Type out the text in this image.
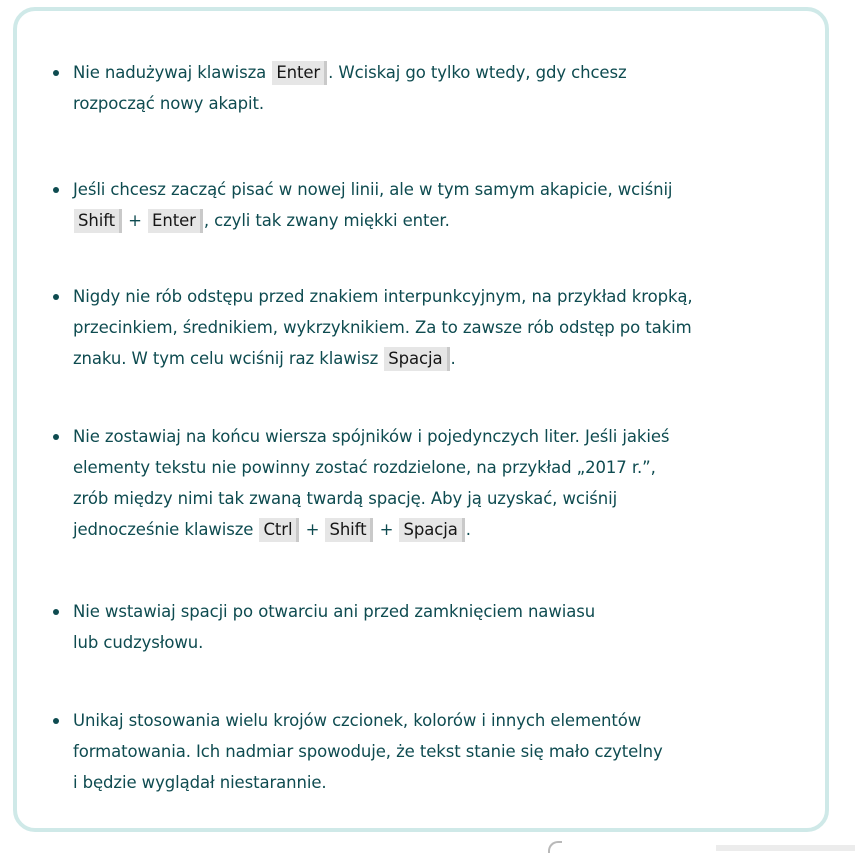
Nie nadużywaj klawisza Enter . Wciskaj go tylko wtedy, gdy chcesz
rozpocząć nowy akapit.
Jeśli chcesz zacząć pisać w nowej linii, ale w tym samym akapicie, wciśnij
Shift + Enter , czyli tak zwany miękki enter.
Nigdy nie rób odstępu przed znakiem interpunkcyjnym, na przykład kropką,
przecinkiem, średnikiem, wykrzyknikiem. Za to zawsze rób odstęp po takim
znaku. W tym celu wciśnij raz klawisz Spacja .
Nie zostawiaj na końcu wiersza spójników i pojedynczych liter. Jeśli jakieś
elementy tekstu nie powinny zostać rozdzielone, na przykład „2017 r.”,
zrób między nimi tak zwaną twardą spację. Aby ją uzyskać, wciśnij
jednocześnie klawisze Ctrl + Shift + Spacja .
Nie wstawiaj spacji po otwarciu ani przed zamknięciem nawiasu
lub cudzysłowu.
Unikaj stosowania wielu krojów czcionek, kolorów i innych elementów
formatowania. Ich nadmiar spowoduje, że tekst stanie się mało czytelny
i będzie wyglądał niestarannie.
